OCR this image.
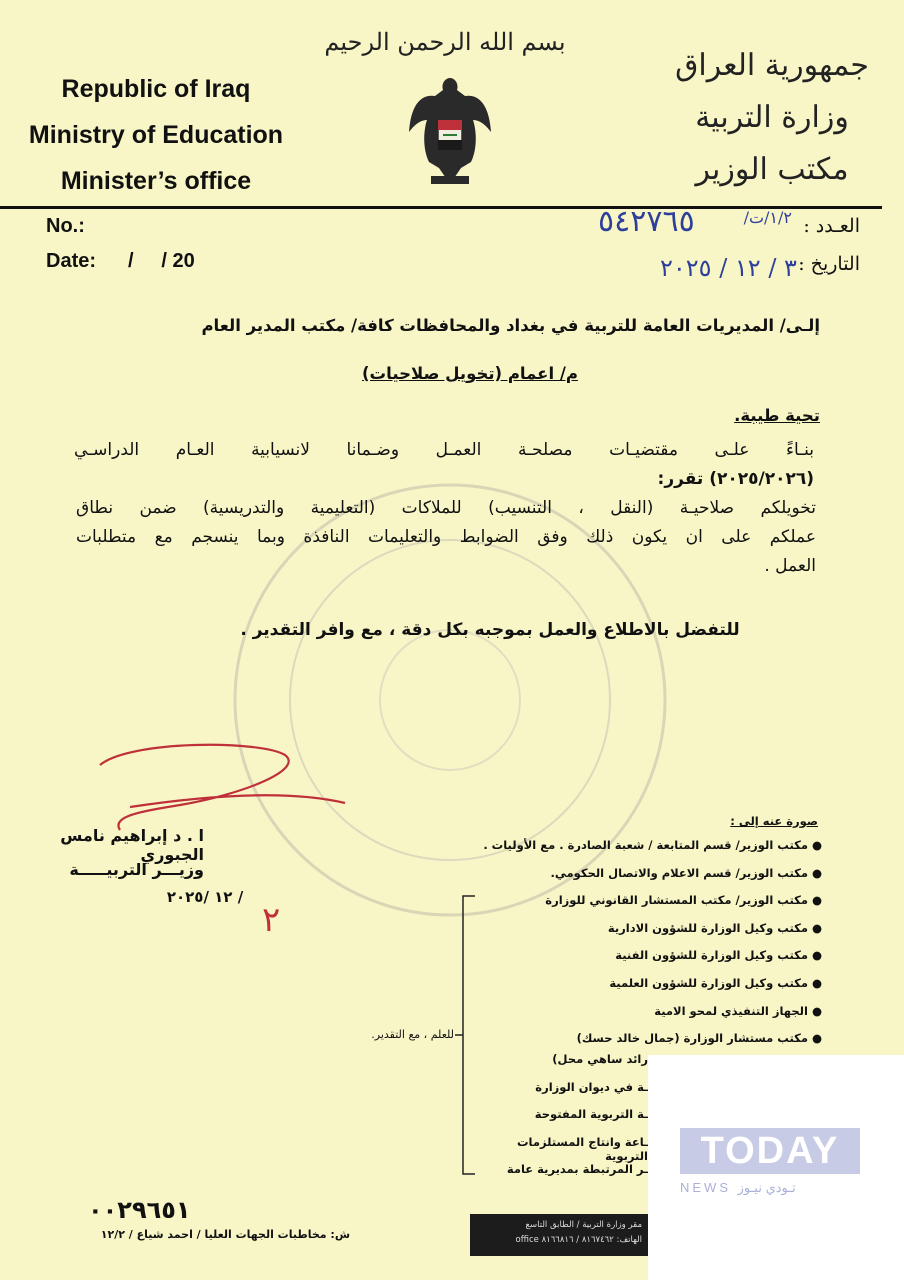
Republic of Iraq
Ministry of Education
Minister’s office
بسم الله الرحمن الرحيم
جمهورية العراق
وزارة التربية
مكتب الوزير
No.:
Date: /     / 20
العـدد :
التاريخ :
١/٢/ت/
٥٤٢٧٦٥
٣ / ١٢ / ٢٠٢٥
إلـى/ المديريات العامة للتربية في بغداد والمحافظات كافة/ مكتب المدير العام
م/ اعمام (تخويل صلاحيات)
تحية طيبة.
بنـاءً علـى مقتضيـات مصلحـة العمـل وضـمانا لانسيابية العـام الدراسـي
(٢٠٢٥/٢٠٢٦) تقرر:
تخويلكم صلاحيـة (النقل ، التنسيب) للملاكات (التعليمية والتدريسية) ضمن نطاق
عملكم على ان يكون ذلك وفق الضوابط والتعليمات النافذة وبما ينسجم مع متطلبات
العمل .
للتفضل بالاطلاع والعمل بموجبه بكل دقة ، مع وافر التقدير .
ا . د إبراهيم نامس الجبوري
وزيـــر التربيـــــة
/ ١٢ /٢٠٢٥
٢
صورة عنه إلى :
● مكتب الوزير/ قسم المتابعة / شعبة الصادرة . مع الأوليات .
● مكتب الوزير/ قسم الاعلام والاتصال الحكومي.
● مكتب الوزير/ مكتب المستشار القانوني للوزارة
● مكتب وكيل الوزارة للشؤون الادارية
● مكتب وكيل الوزارة للشؤون الفنية
● مكتب وكيل الوزارة للشؤون العلمية
● الجهاز التنفيذي لمحو الامية
● مكتب مستشار الوزارة (جمال خالد حسك)
رائد ساهي محل)
ـة في ديوان الوزارة
ـة التربوية المفتوحة
ـاعة وانتاج المستلزمات التربوية
ـر المرتبطة بمديرية عامة
للعلم ، مع التقدير.
٠٠٢٩٦٥١
ش: مخاطبات الجهات العليا / احمد شياع / ١٢/٢
مقر وزارة التربية / الطابق التاسع
الهاتف: ٨١٦٧٤٦٢ / ٨١٦٦٨١٦ office
TODAY
NEWS تـودي نيـوز
